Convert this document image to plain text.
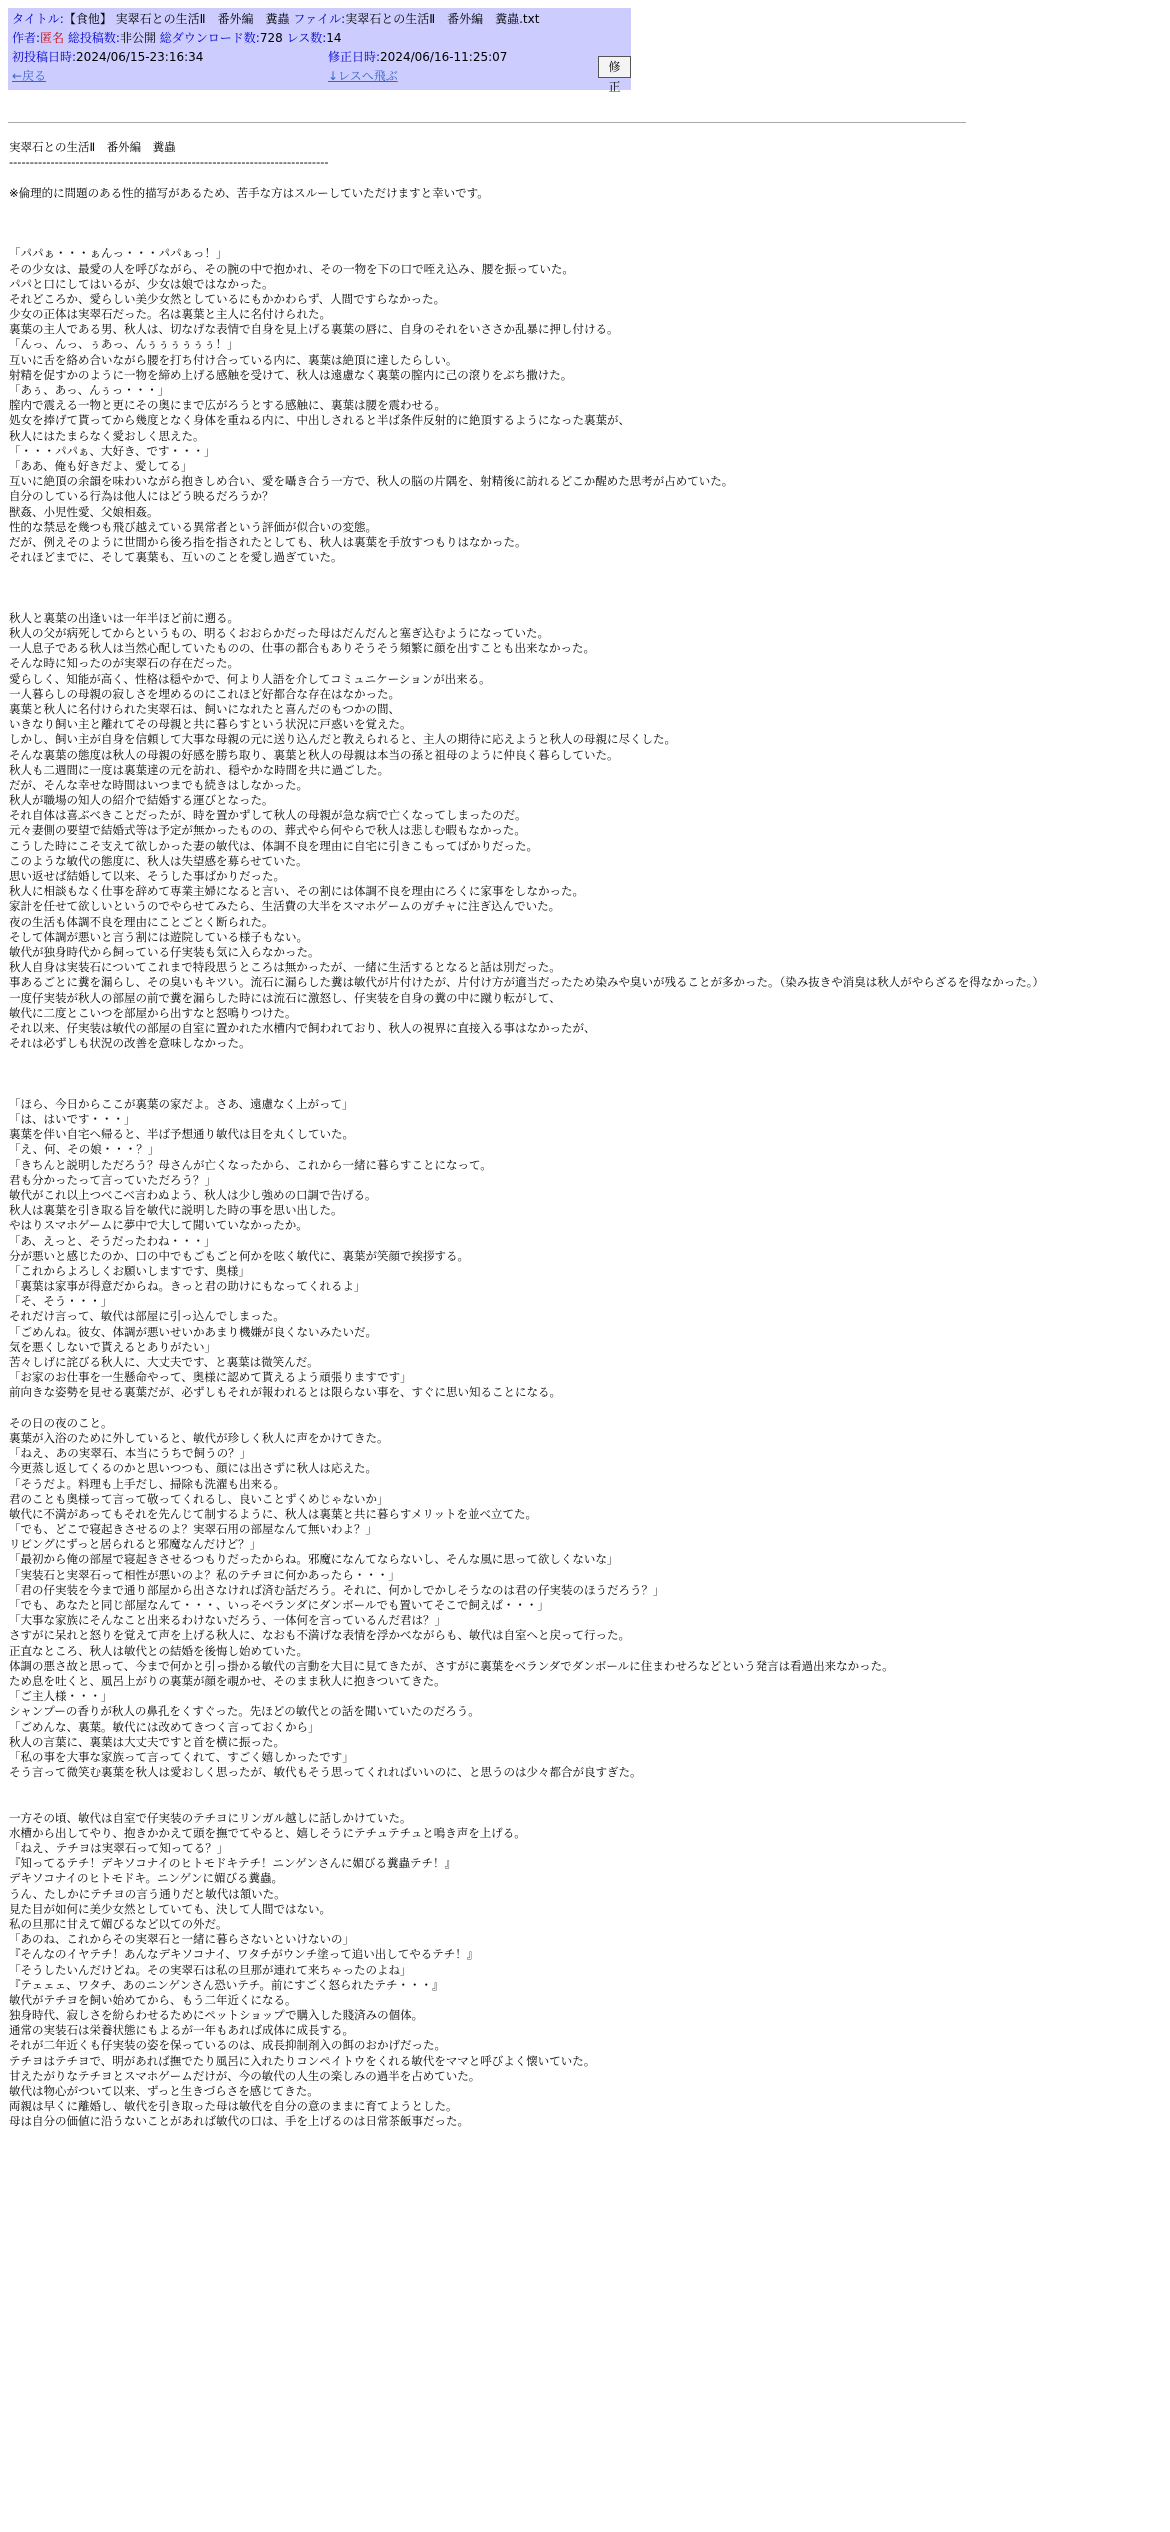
タイトル:【食他】 実翠石との生活Ⅱ　番外編　糞蟲 ファイル:実翠石との生活Ⅱ　番外編　糞蟲.txt
作者:匿名 総投稿数:非公開 総ダウンロード数:728 レス数:14
初投稿日時:2024/06/15-23:16:34	修正日時:2024/06/16-11:25:07
←戻る	↓レスへ飛ぶ
修正
実翠石との生活Ⅱ　番外編　糞蟲
-----------------------------------------------------------------------------
※倫理的に問題のある性的描写があるため、苦手な方はスルーしていただけますと幸いです。
「パパぁ・・・ぁんっ・・・パパぁっ！」
その少女は、最愛の人を呼びながら、その腕の中で抱かれ、その一物を下の口で咥え込み、腰を振っていた。
パパと口にしてはいるが、少女は娘ではなかった。
それどころか、愛らしい美少女然としているにもかかわらず、人間ですらなかった。
少女の正体は実翠石だった。名は裏葉と主人に名付けられた。
裏葉の主人である男、秋人は、切なげな表情で自身を見上げる裏葉の唇に、自身のそれをいささか乱暴に押し付ける。
「んっ、んっ、ぅあっ、んぅぅぅぅぅぅ！」
互いに舌を絡め合いながら腰を打ち付け合っている内に、裏葉は絶頂に達したらしい。
射精を促すかのように一物を締め上げる感触を受けて、秋人は遠慮なく裏葉の膣内に己の滾りをぶち撒けた。
「あぅ、あっ、んぅっ・・・」
膣内で震える一物と更にその奥にまで広がろうとする感触に、裏葉は腰を震わせる。
処女を捧げて貰ってから幾度となく身体を重ねる内に、中出しされると半ば条件反射的に絶頂するようになった裏葉が、
秋人にはたまらなく愛おしく思えた。
「・・・パパぁ、大好き、です・・・」
「ああ、俺も好きだよ、愛してる」
互いに絶頂の余韻を味わいながら抱きしめ合い、愛を囁き合う一方で、秋人の脳の片隅を、射精後に訪れるどこか醒めた思考が占めていた。
自分のしている行為は他人にはどう映るだろうか？
獣姦、小児性愛、父娘相姦。
性的な禁忌を幾つも飛び越えている異常者という評価が似合いの変態。
だが、例えそのように世間から後ろ指を指されたとしても、秋人は裏葉を手放すつもりはなかった。
それほどまでに、そして裏葉も、互いのことを愛し過ぎていた。
秋人と裏葉の出逢いは一年半ほど前に遡る。
秋人の父が病死してからというもの、明るくおおらかだった母はだんだんと塞ぎ込むようになっていた。
一人息子である秋人は当然心配していたものの、仕事の都合もありそうそう頻繁に顔を出すことも出来なかった。
そんな時に知ったのが実翠石の存在だった。
愛らしく、知能が高く、性格は穏やかで、何より人語を介してコミュニケーションが出来る。
一人暮らしの母親の寂しさを埋めるのにこれほど好都合な存在はなかった。
裏葉と秋人に名付けられた実翠石は、飼いになれたと喜んだのもつかの間、
いきなり飼い主と離れてその母親と共に暮らすという状況に戸惑いを覚えた。
しかし、飼い主が自身を信頼して大事な母親の元に送り込んだと教えられると、主人の期待に応えようと秋人の母親に尽くした。
そんな裏葉の態度は秋人の母親の好感を勝ち取り、裏葉と秋人の母親は本当の孫と祖母のように仲良く暮らしていた。
秋人も二週間に一度は裏葉達の元を訪れ、穏やかな時間を共に過ごした。
だが、そんな幸せな時間はいつまでも続きはしなかった。
秋人が職場の知人の紹介で結婚する運びとなった。
それ自体は喜ぶべきことだったが、時を置かずして秋人の母親が急な病で亡くなってしまったのだ。
元々妻側の要望で結婚式等は予定が無かったものの、葬式やら何やらで秋人は悲しむ暇もなかった。
こうした時にこそ支えて欲しかった妻の敏代は、体調不良を理由に自宅に引きこもってばかりだった。
このような敏代の態度に、秋人は失望感を募らせていた。
思い返せば結婚して以来、そうした事ばかりだった。
秋人に相談もなく仕事を辞めて専業主婦になると言い、その割には体調不良を理由にろくに家事をしなかった。
家計を任せて欲しいというのでやらせてみたら、生活費の大半をスマホゲームのガチャに注ぎ込んでいた。
夜の生活も体調不良を理由にことごとく断られた。
そして体調が悪いと言う割には遊院している様子もない。
敏代が独身時代から飼っている仔実装も気に入らなかった。
秋人自身は実装石についてこれまで特段思うところは無かったが、一緒に生活するとなると話は別だった。
事あるごとに糞を漏らし、その臭いもキツい。流石に漏らした糞は敏代が片付けたが、片付け方が適当だったため染みや臭いが残ることが多かった。（染み抜きや消臭は秋人がやらざるを得なかった。）
一度仔実装が秋人の部屋の前で糞を漏らした時には流石に激怒し、仔実装を自身の糞の中に蹴り転がして、
敏代に二度とこいつを部屋から出すなと怒鳴りつけた。
それ以来、仔実装は敏代の部屋の自室に置かれた水槽内で飼われており、秋人の視界に直接入る事はなかったが、
それは必ずしも状況の改善を意味しなかった。
「ほら、今日からここが裏葉の家だよ。さあ、遠慮なく上がって」
「は、はいです・・・」
裏葉を伴い自宅へ帰ると、半ば予想通り敏代は目を丸くしていた。
「え、何、その娘・・・？」
「きちんと説明しただろう？母さんが亡くなったから、これから一緒に暮らすことになって。
君も分かったって言っていただろう？」
敏代がこれ以上つべこべ言わぬよう、秋人は少し強めの口調で告げる。
秋人は裏葉を引き取る旨を敏代に説明した時の事を思い出した。
やはりスマホゲームに夢中で大して聞いていなかったか。
「あ、えっと、そうだったわね・・・」
分が悪いと感じたのか、口の中でもごもごと何かを呟く敏代に、裏葉が笑顔で挨拶する。
「これからよろしくお願いしますです、奥様」
「裏葉は家事が得意だからね。きっと君の助けにもなってくれるよ」
「そ、そう・・・」
それだけ言って、敏代は部屋に引っ込んでしまった。
「ごめんね。彼女、体調が悪いせいかあまり機嫌が良くないみたいだ。
気を悪くしないで貰えるとありがたい」
苦々しげに詫びる秋人に、大丈夫です、と裏葉は微笑んだ。
「お家のお仕事を一生懸命やって、奥様に認めて貰えるよう頑張りますです」
前向きな姿勢を見せる裏葉だが、必ずしもそれが報われるとは限らない事を、すぐに思い知ることになる。
その日の夜のこと。
裏葉が入浴のために外していると、敏代が珍しく秋人に声をかけてきた。
「ねえ、あの実翠石、本当にうちで飼うの？」
今更蒸し返してくるのかと思いつつも、顔には出さずに秋人は応えた。
「そうだよ。料理も上手だし、掃除も洗濯も出来る。
君のことも奥様って言って敬ってくれるし、良いことずくめじゃないか」
敏代に不満があってもそれを先んじて制するように、秋人は裏葉と共に暮らすメリットを並べ立てた。
「でも、どこで寝起きさせるのよ？実翠石用の部屋なんて無いわよ？」
リビングにずっと居られると邪魔なんだけど？」
「最初から俺の部屋で寝起きさせるつもりだったからね。邪魔になんてならないし、そんな風に思って欲しくないな」
「実装石と実翠石って相性が悪いのよ？私のテチヨに何かあったら・・・」
「君の仔実装を今まで通り部屋から出さなければ済む話だろう。それに、何かしでかしそうなのは君の仔実装のほうだろう？」
「でも、あなたと同じ部屋なんて・・・、いっそベランダにダンボールでも置いてそこで飼えば・・・」
「大事な家族にそんなこと出来るわけないだろう、一体何を言っているんだ君は？」
さすがに呆れと怒りを覚えて声を上げる秋人に、なおも不満げな表情を浮かべながらも、敏代は自室へと戻って行った。
正直なところ、秋人は敏代との結婚を後悔し始めていた。
体調の悪さ故と思って、今まで何かと引っ掛かる敏代の言動を大目に見てきたが、さすがに裏葉をベランダでダンボールに住まわせろなどという発言は看過出来なかった。
ため息を吐くと、風呂上がりの裏葉が顔を覗かせ、そのまま秋人に抱きついてきた。
「ご主人様・・・」
シャンプーの香りが秋人の鼻孔をくすぐった。先ほどの敏代との話を聞いていたのだろう。
「ごめんな、裏葉。敏代には改めてきつく言っておくから」
秋人の言葉に、裏葉は大丈夫ですと首を横に振った。
「私の事を大事な家族って言ってくれて、すごく嬉しかったです」
そう言って微笑む裏葉を秋人は愛おしく思ったが、敏代もそう思ってくれればいいのに、と思うのは少々都合が良すぎた。
一方その頃、敏代は自室で仔実装のテチヨにリンガル越しに話しかけていた。
水槽から出してやり、抱きかかえて頭を撫でてやると、嬉しそうにテチュテチュと鳴き声を上げる。
「ねえ、テチヨは実翠石って知ってる？」
『知ってるテチ！デキソコナイのヒトモドキテチ！ニンゲンさんに媚びる糞蟲テチ！』
デキソコナイのヒトモドキ。ニンゲンに媚びる糞蟲。
うん、たしかにテチヨの言う通りだと敏代は頷いた。
見た目が如何に美少女然としていても、決して人間ではない。
私の旦那に甘えて媚びるなど以ての外だ。
「あのね、これからその実翠石と一緒に暮らさないといけないの」
『そんなのイヤテチ！あんなデキソコナイ、ワタチがウンチ塗って追い出してやるテチ！』
「そうしたいんだけどね。その実翠石は私の旦那が連れて来ちゃったのよね」
『テェェェ、ワタチ、あのニンゲンさん恐いテチ。前にすごく怒られたテチ・・・』
敏代がテチヨを飼い始めてから、もう二年近くになる。
独身時代、寂しさを紛らわせるためにペットショップで購入した賤済みの個体。
通常の実装石は栄養状態にもよるが一年もあれば成体に成長する。
それが二年近くも仔実装の姿を保っているのは、成長抑制剤入の餌のおかげだった。
テチヨはテチヨで、明があれば撫でたり風呂に入れたりコンペイトウをくれる敏代をママと呼びよく懐いていた。
甘えたがりなテチヨとスマホゲームだけが、今の敏代の人生の楽しみの過半を占めていた。
敏代は物心がついて以来、ずっと生きづらさを感じてきた。
両親は早くに離婚し、敏代を引き取った母は敏代を自分の意のままに育てようとした。
母は自分の価値に沿うないことがあれば敏代の口は、手を上げるのは日常茶飯事だった。
